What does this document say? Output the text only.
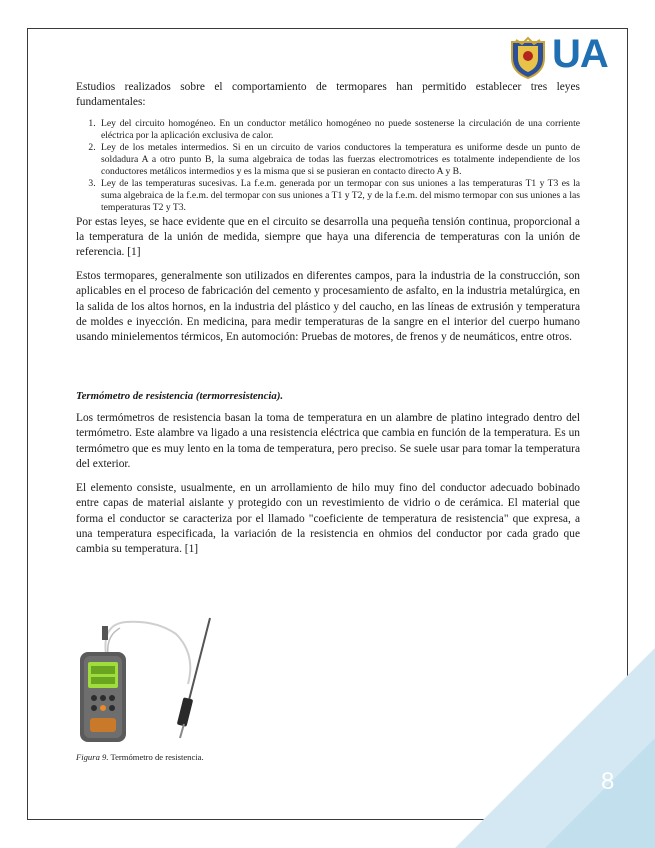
UA

Estudios realizados sobre el comportamiento de termopares han permitido establecer tres leyes fundamentales:

1. Ley del circuito homogéneo. En un conductor metálico homogéneo no puede sostenerse la circulación de una corriente eléctrica por la aplicación exclusiva de calor.
2. Ley de los metales intermedios. Si en un circuito de varios conductores la temperatura es uniforme desde un punto de soldadura A a otro punto B, la suma algebraica de todas las fuerzas electromotrices es totalmente independiente de los conductores metálicos intermedios y es la misma que si se pusieran en contacto directo A y B.
3. Ley de las temperaturas sucesivas. La f.e.m. generada por un termopar con sus uniones a las temperaturas T1 y T3 es la suma algebraica de la f.e.m. del termopar con sus uniones a T1 y T2, y de la f.e.m. del mismo termopar con sus uniones a las temperaturas T2 y T3.

Por estas leyes, se hace evidente que en el circuito se desarrolla una pequeña tensión continua, proporcional a la temperatura de la unión de medida, siempre que haya una diferencia de temperaturas con la unión de referencia. [1]

Estos termopares, generalmente son utilizados en diferentes campos, para la industria de la construcción, son aplicables en el proceso de fabricación del cemento y procesamiento de asfalto, en la industria metalúrgica, en la salida de los altos hornos, en la industria del plástico y del caucho, en las líneas de extrusión y temperatura de moldes e inyección. En medicina, para medir temperaturas de la sangre en el interior del cuerpo humano usando minielementos térmicos, En automoción: Pruebas de motores, de frenos y de neumáticos, entre otros.

Termómetro de resistencia (termorresistencia).

Los termómetros de resistencia basan la toma de temperatura en un alambre de platino integrado dentro del termómetro. Este alambre va ligado a una resistencia eléctrica que cambia en función de la temperatura. Es un termómetro que es muy lento en la toma de temperatura, pero preciso. Se suele usar para tomar la temperatura del exterior.

El elemento consiste, usualmente, en un arrollamiento de hilo muy fino del conductor adecuado bobinado entre capas de material aislante y protegido con un revestimiento de vidrio o de cerámica. El material que forma el conductor se caracteriza por el llamado "coeficiente de temperatura de resistencia" que expresa, a una temperatura especificada, la variación de la resistencia en ohmios del conductor por cada grado que cambia su temperatura. [1]

Figura 9. Termómetro de resistencia.
8
